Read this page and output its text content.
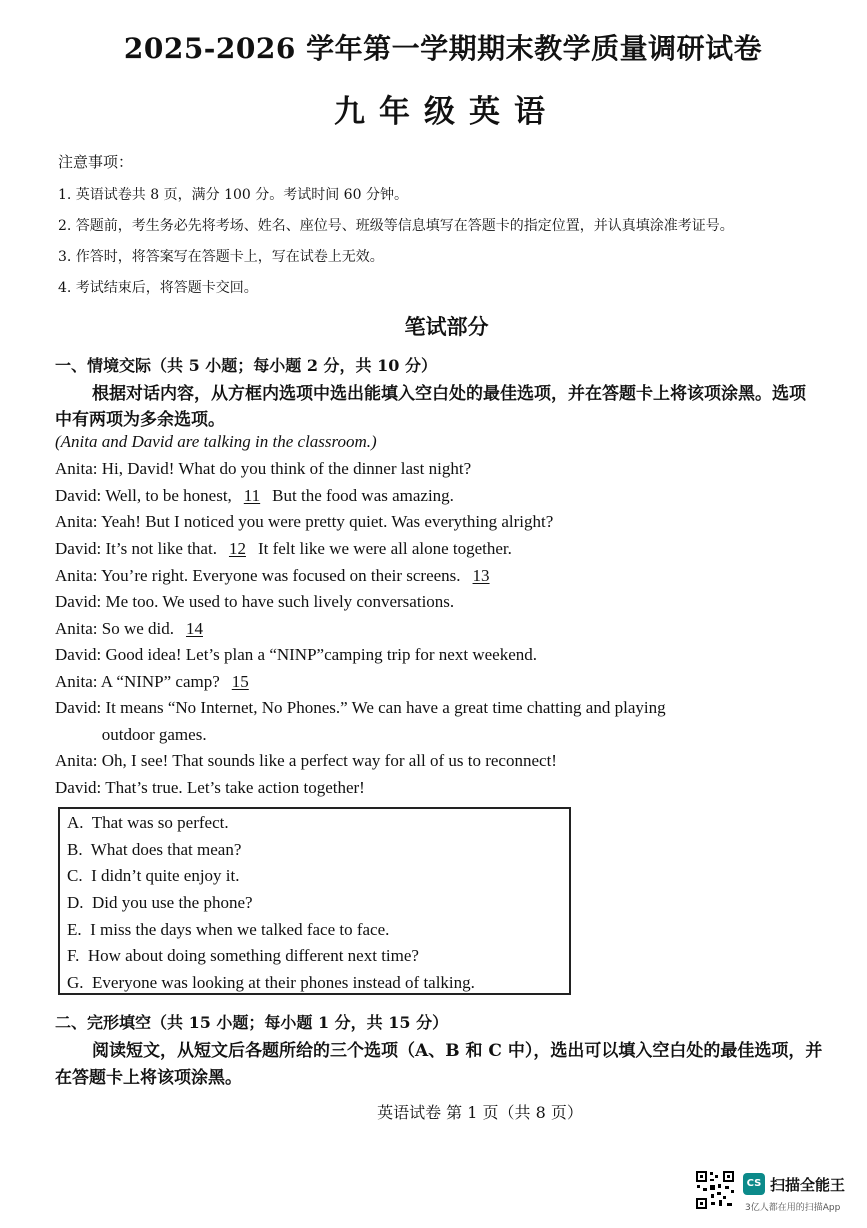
2025-2026 学年第一学期期末教学质量调研试卷
九年级英语
注意事项：
1. 英语试卷共 8 页，满分 100 分。考试时间 60 分钟。
2. 答题前，考生务必先将考场、姓名、座位号、班级等信息填写在答题卡的指定位置，并认真填涂准考证号。
3. 作答时，将答案写在答题卡上，写在试卷上无效。
4. 考试结束后，将答题卡交回。
笔试部分
一、情境交际（共 5 小题；每小题 2 分，共 10 分）
根据对话内容，从方框内选项中选出能填入空白处的最佳选项，并在答题卡上将该项涂黑。选项
中有两项为多余选项。
(Anita and David are talking in the classroom.)
Anita: Hi, David! What do you think of the dinner last night?
David: Well, to be honest, 11 But the food was amazing.
Anita: Yeah! But I noticed you were pretty quiet. Was everything alright?
David: It’s not like that. 12 It felt like we were all alone together.
Anita: You’re right. Everyone was focused on their screens. 13
David: Me too. We used to have such lively conversations.
Anita: So we did. 14
David: Good idea! Let’s plan a “NINP”camping trip for next weekend.
Anita: A “NINP” camp? 15
David: It means “No Internet, No Phones.” We can have a great time chatting and playing
outdoor games.
Anita: Oh, I see! That sounds like a perfect way for all of us to reconnect!
David: That’s true. Let’s take action together!
A.  That was so perfect.
B.  What does that mean?
C.  I didn’t quite enjoy it.
D.  Did you use the phone?
E.  I miss the days when we talked face to face.
F.  How about doing something different next time?
G.  Everyone was looking at their phones instead of talking.
二、完形填空（共 15 小题；每小题 1 分，共 15 分）
阅读短文，从短文后各题所给的三个选项（A、B 和 C 中），选出可以填入空白处的最佳选项，并
在答题卡上将该项涂黑。
英语试卷 第 1 页（共 8 页）
CS 扫描全能王
3亿人都在用的扫描App
